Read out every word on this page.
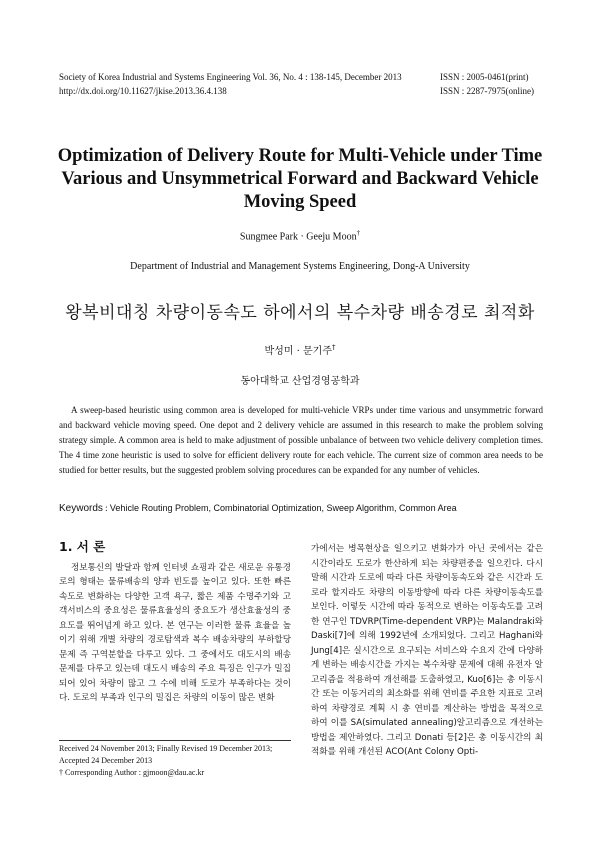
Society of Korea Industrial and Systems Engineering Vol. 36, No. 4 : 138-145, December 2013
http://dx.doi.org/10.11627/jkise.2013.36.4.138
ISSN : 2005-0461(print)
ISSN : 2287-7975(online)
Optimization of Delivery Route for Multi-Vehicle under Time
Various and Unsymmetrical Forward and Backward Vehicle
Moving Speed
Sungmee Park · Geeju Moon†
Department of Industrial and Management Systems Engineering, Dong-A University
왕복비대칭 차량이동속도 하에서의 복수차량 배송경로 최적화
박성미 · 문기주†
동아대학교 산업경영공학과
A sweep-based heuristic using common area is developed for multi-vehicle VRPs under time various and unsymmetric forward and backward vehicle moving speed. One depot and 2 delivery vehicle are assumed in this research to make the problem solving strategy simple. A common area is held to make adjustment of possible unbalance of between two vehicle delivery completion times. The 4 time zone heuristic is used to solve for efficient delivery route for each vehicle. The current size of common area needs to be studied for better results, but the suggested problem solving procedures can be expanded for any number of vehicles.
Keywords : Vehicle Routing Problem, Combinatorial Optimization, Sweep Algorithm, Common Area
1. 서 론

정보통신의 발달과 함께 인터넷 쇼핑과 같은 새로운 유통경로의 형태는 물류배송의 양과 빈도를 높이고 있다. 또한 빠른 속도로 변화하는 다양한 고객 욕구, 짧은 제품 수명주기와 고객서비스의 중요성은 물류효율성의 중요도가 생산효율성의 중요도를 뛰어넘게 하고 있다. 본 연구는 이러한 물류 효율을 높이기 위해 개별 차량의 경로탐색과 복수 배송차량의 부하할당 문제 즉 구역분할을 다루고 있다. 그 중에서도 대도시의 배송문제를 다루고 있는데 대도시 배송의 주요 특징은 인구가 밀집되어 있어 차량이 많고 그 수에 비해 도로가 부족하다는 것이다. 도로의 부족과 인구의 밀집은 차량의 이동이 많은 변화

가에서는 병목현상을 일으키고 변화가가 아닌 곳에서는 같은 시간이라도 도로가 한산하게 되는 차량편중을 일으킨다. 다시 말해 시간과 도로에 따라 다른 차량이동속도와 같은 시간과 도로라 할지라도 차량의 이동방향에 따라 다른 차량이동속도를 보인다. 이렇듯 시간에 따라 동적으로 변하는 이동속도를 고려한 연구인 TDVRP(Time-dependent VRP)는 Malandraki와 Daski[7]에 의해 1992년에 소개되었다. 그리고 Haghani와 Jung[4]은 실시간으로 요구되는 서비스와 수요지 간에 다양하게 변하는 배송시간을 가지는 복수차량 문제에 대해 유전자 알고리즘을 적용하여 개선해를 도출하였고, Kuo[6]는 총 이동시간 또는 이동거리의 최소화를 위해 연비를 주요한 지표로 고려하여 차량경로 계획 시 총 연비를 계산하는 방법을 목적으로 하여 이를 SA(simulated annealing)알고리즘으로 개선하는 방법을 제안하였다. 그리고 Donati 등[2]은 총 이동시간의 최적화를 위해 개선된 ACO(Ant Colony Opti-

Received 24 November 2013; Finally Revised 19 December 2013;
Accepted 24 December 2013
† Corresponding Author : gjmoon@dau.ac.kr
